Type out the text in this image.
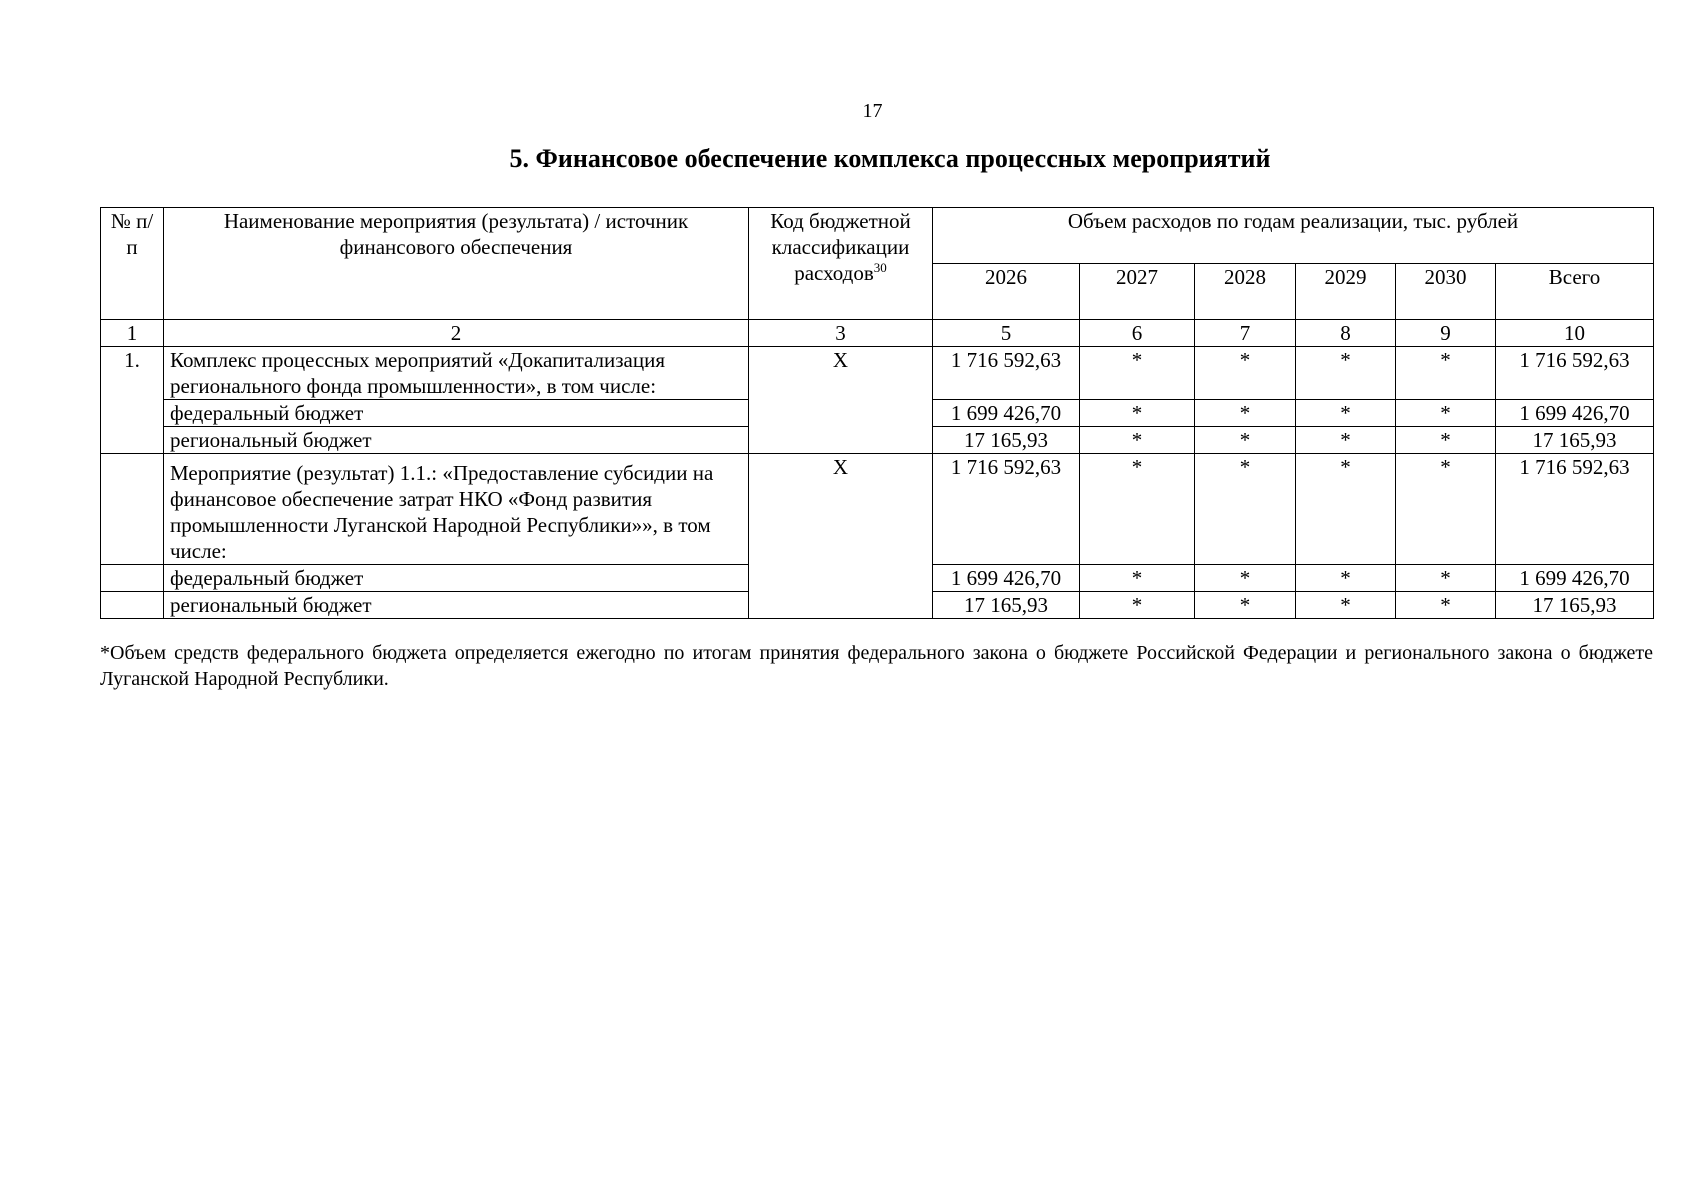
17
5. Финансовое обеспечение комплекса процессных мероприятий
№ п/п	Наименование мероприятия (результата) / источник финансового обеспечения	Код бюджетной классификации расходов$^{30}$	Объем расходов по годам реализации, тыс. рублей					
			2026	2027	2028	2029	2030	Всего
1	2	3	5	6	7	8	9	10
1.	Комплекс процессных мероприятий «Докапитализация регионального фонда промышленности», в том числе:	Х	1 716 592,63	*	*	*	*	1 716 592,63
	федеральный бюджет		1 699 426,70	*	*	*	*	1 699 426,70
	региональный бюджет		17 165,93	*	*	*	*	17 165,93
	Мероприятие (результат) 1.1.: «Предоставление субсидии на финансовое обеспечение затрат НКО «Фонд развития промышленности Луганской Народной Республики»», в том числе:	Х	1 716 592,63	*	*	*	*	1 716 592,63
	федеральный бюджет		1 699 426,70	*	*	*	*	1 699 426,70
	региональный бюджет		17 165,93	*	*	*	*	17 165,93
*Объем средств федерального бюджета определяется ежегодно по итогам принятия федерального закона о бюджете Российской Федерации и регионального закона о бюджете Луганской Народной Республики.
